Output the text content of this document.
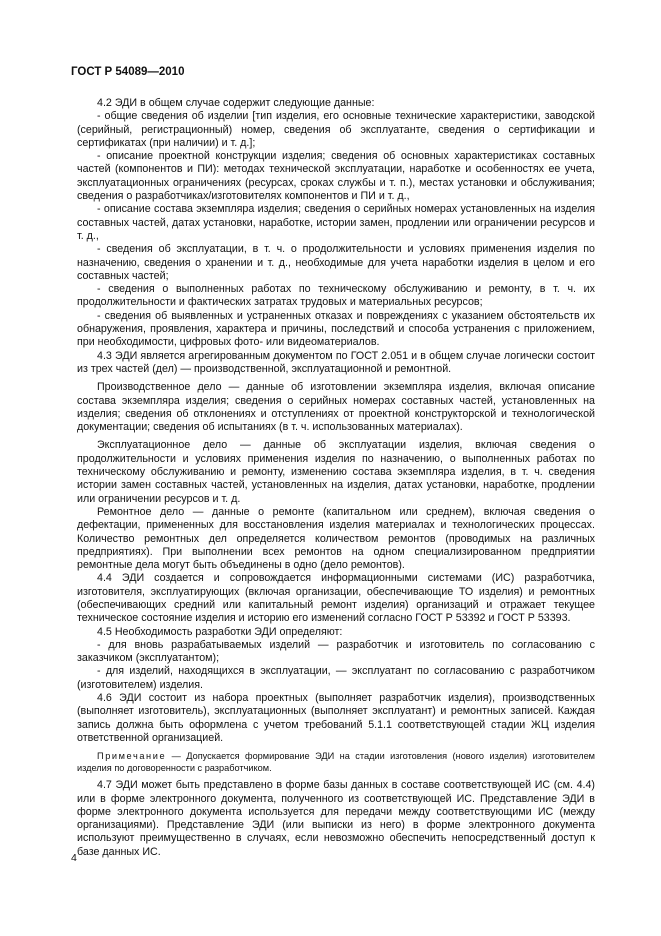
ГОСТ Р 54089—2010

4.2 ЭДИ в общем случае содержит следующие данные:

- общие сведения об изделии [тип изделия, его основные технические характеристики, заводской (серийный, регистрационный) номер, сведения об эксплуатанте, сведения о сертификации и сертификатах (при наличии) и т. д.];

- описание проектной конструкции изделия; сведения об основных характеристиках составных частей (компонентов и ПИ): методах технической эксплуатации, наработке и особенностях ее учета, эксплуатационных ограничениях (ресурсах, сроках службы и т. п.), местах установки и обслуживания; сведения о разработчиках/изготовителях компонентов и ПИ и т. д.,

- описание состава экземпляра изделия; сведения о серийных номерах установленных на изделия составных частей, датах установки, наработке, истории замен, продлении или ограничении ресурсов и т. д.,

- сведения об эксплуатации, в т. ч. о продолжительности и условиях применения изделия по назначению, сведения о хранении и т. д., необходимые для учета наработки изделия в целом и его составных частей;

- сведения о выполненных работах по техническому обслуживанию и ремонту, в т. ч. их продолжительности и фактических затратах трудовых и материальных ресурсов;

- сведения об выявленных и устраненных отказах и повреждениях с указанием обстоятельств их обнаружения, проявления, характера и причины, последствий и способа устранения с приложением, при необходимости, цифровых фото- или видеоматериалов.

4.3 ЭДИ является агрегированным документом по ГОСТ 2.051 и в общем случае логически состоит из трех частей (дел) — производственной, эксплуатационной и ремонтной.

Производственное дело — данные об изготовлении экземпляра изделия, включая описание состава экземпляра изделия; сведения о серийных номерах составных частей, установленных на изделия; сведения об отклонениях и отступлениях от проектной конструкторской и технологической документации; сведения об испытаниях (в т. ч. использованных материалах).

Эксплуатационное дело — данные об эксплуатации изделия, включая сведения о продолжительности и условиях применения изделия по назначению, о выполненных работах по техническому обслуживанию и ремонту, изменению состава экземпляра изделия, в т. ч. сведения истории замен составных частей, установленных на изделия, датах установки, наработке, продлении или ограничении ресурсов и т. д.

Ремонтное дело — данные о ремонте (капитальном или среднем), включая сведения о дефектации, примененных для восстановления изделия материалах и технологических процессах. Количество ремонтных дел определяется количеством ремонтов (проводимых на различных предприятиях). При выполнении всех ремонтов на одном специализированном предприятии ремонтные дела могут быть объединены в одно (дело ремонтов).

4.4 ЭДИ создается и сопровождается информационными системами (ИС) разработчика, изготовителя, эксплуатирующих (включая организации, обеспечивающие ТО изделия) и ремонтных (обеспечивающих средний или капитальный ремонт изделия) организаций и отражает текущее техническое состояние изделия и историю его изменений согласно ГОСТ Р 53392 и ГОСТ Р 53393.

4.5 Необходимость разработки ЭДИ определяют:

- для вновь разрабатываемых изделий — разработчик и изготовитель по согласованию с заказчиком (эксплуатантом);

- для изделий, находящихся в эксплуатации, — эксплуатант по согласованию с разработчиком (изготовителем) изделия.

4.6 ЭДИ состоит из набора проектных (выполняет разработчик изделия), производственных (выполняет изготовитель), эксплуатационных (выполняет эксплуатант) и ремонтных записей. Каждая запись должна быть оформлена с учетом требований 5.1.1 соответствующей стадии ЖЦ изделия ответственной организацией.

Примечание — Допускается формирование ЭДИ на стадии изготовления (нового изделия) изготовителем изделия по договоренности с разработчиком.

4.7 ЭДИ может быть представлено в форме базы данных в составе соответствующей ИС (см. 4.4) или в форме электронного документа, полученного из соответствующей ИС. Представление ЭДИ в форме электронного документа используется для передачи между соответствующими ИС (между организациями). Представление ЭДИ (или выписки из него) в форме электронного документа используют преимущественно в случаях, если невозможно обеспечить непосредственный доступ к базе данных ИС.

4
